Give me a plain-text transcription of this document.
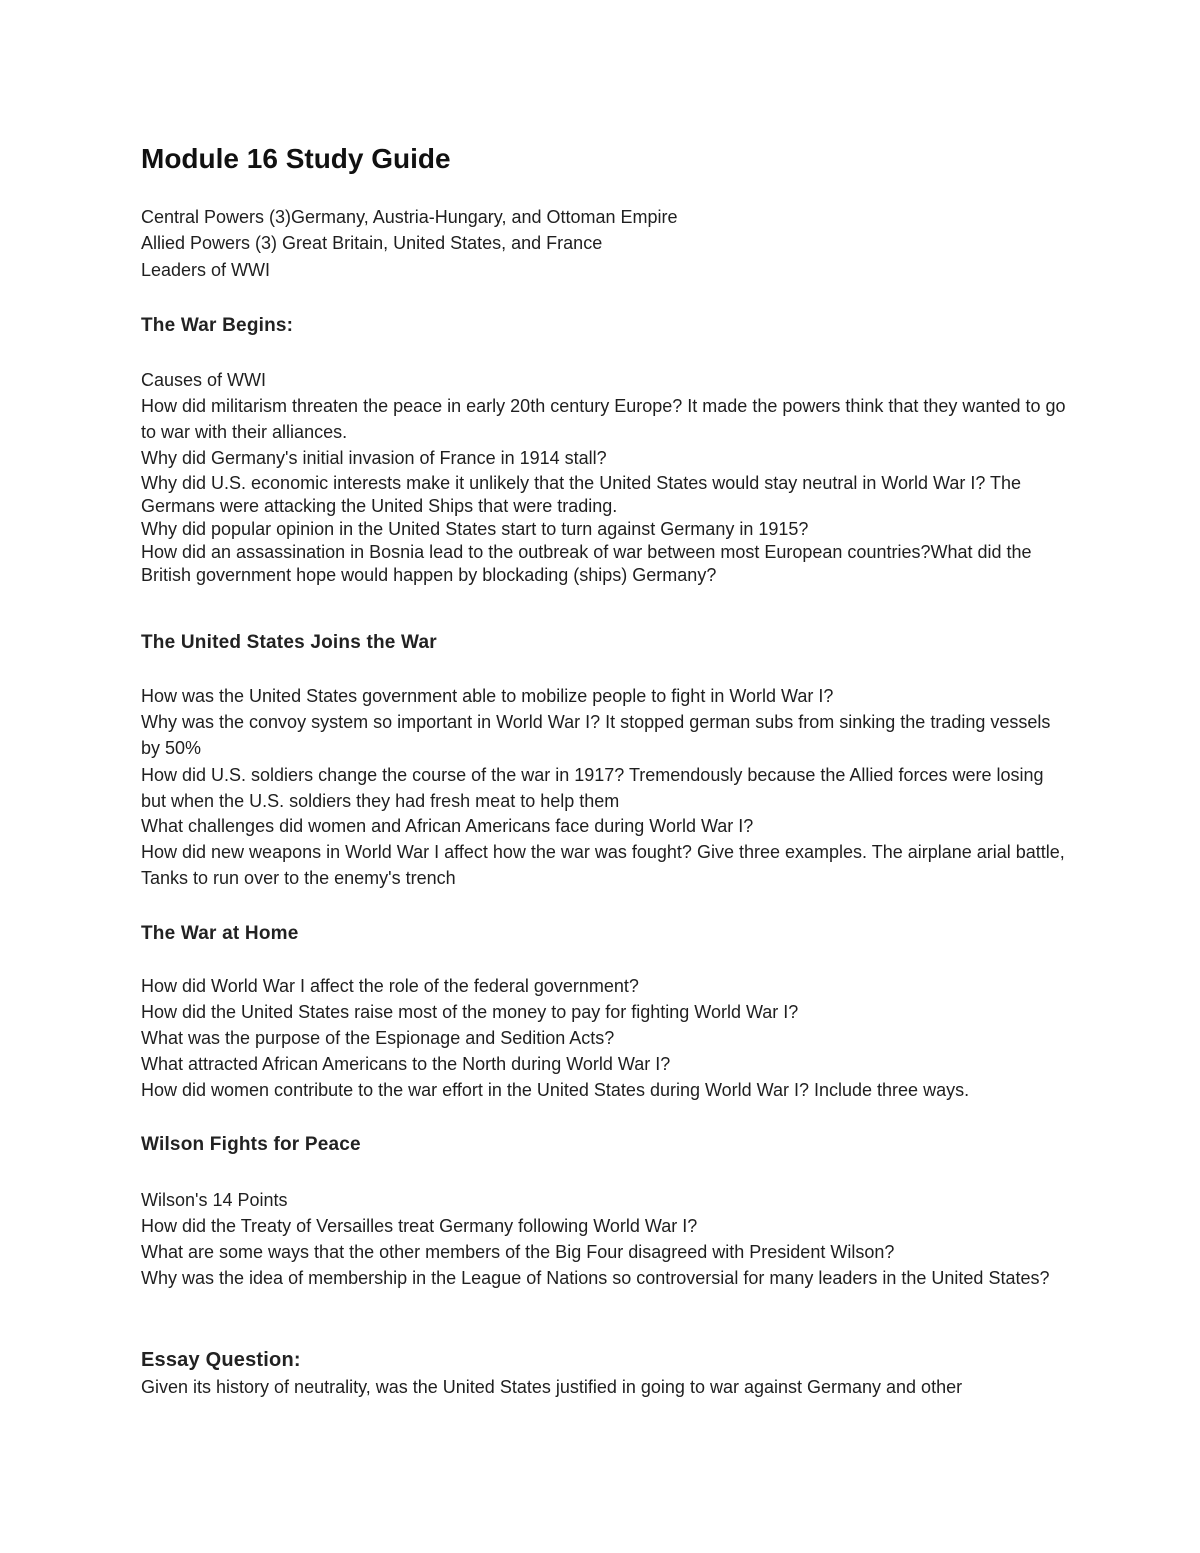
Module 16 Study Guide

Central Powers (3)Germany, Austria-Hungary, and Ottoman Empire

Allied Powers (3) Great Britain, United States, and France

Leaders of WWI

The War Begins:

Causes of WWI

How did militarism threaten the peace in early 20th century Europe? It made the powers think that they wanted to go to war with their alliances.

Why did Germany's initial invasion of France in 1914 stall?

Why did U.S. economic interests make it unlikely that the United States would stay neutral in World War I? The Germans were attacking the United Ships that were trading.

Why did popular opinion in the United States start to turn against Germany in 1915?

How did an assassination in Bosnia lead to the outbreak of war between most European countries?What did the British government hope would happen by blockading (ships) Germany?

The United States Joins the War

How was the United States government able to mobilize people to fight in World War I?

Why was the convoy system so important in World War I? It stopped german subs from sinking the trading vessels by 50%

How did U.S. soldiers change the course of the war in 1917? Tremendously because the Allied forces were losing but when the U.S. soldiers they had fresh meat to help them

What challenges did women and African Americans face during World War I?

How did new weapons in World War I affect how the war was fought? Give three examples. The airplane arial battle, Tanks to run over to the enemy's trench

The War at Home

How did World War I affect the role of the federal government?

How did the United States raise most of the money to pay for fighting World War I?

What was the purpose of the Espionage and Sedition Acts?

What attracted African Americans to the North during World War I?

How did women contribute to the war effort in the United States during World War I? Include three ways.

Wilson Fights for Peace

Wilson's 14 Points

How did the Treaty of Versailles treat Germany following World War I?

What are some ways that the other members of the Big Four disagreed with President Wilson?

Why was the idea of membership in the League of Nations so controversial for many leaders in the United States?

Essay Question:

Given its history of neutrality, was the United States justified in going to war against Germany and other
